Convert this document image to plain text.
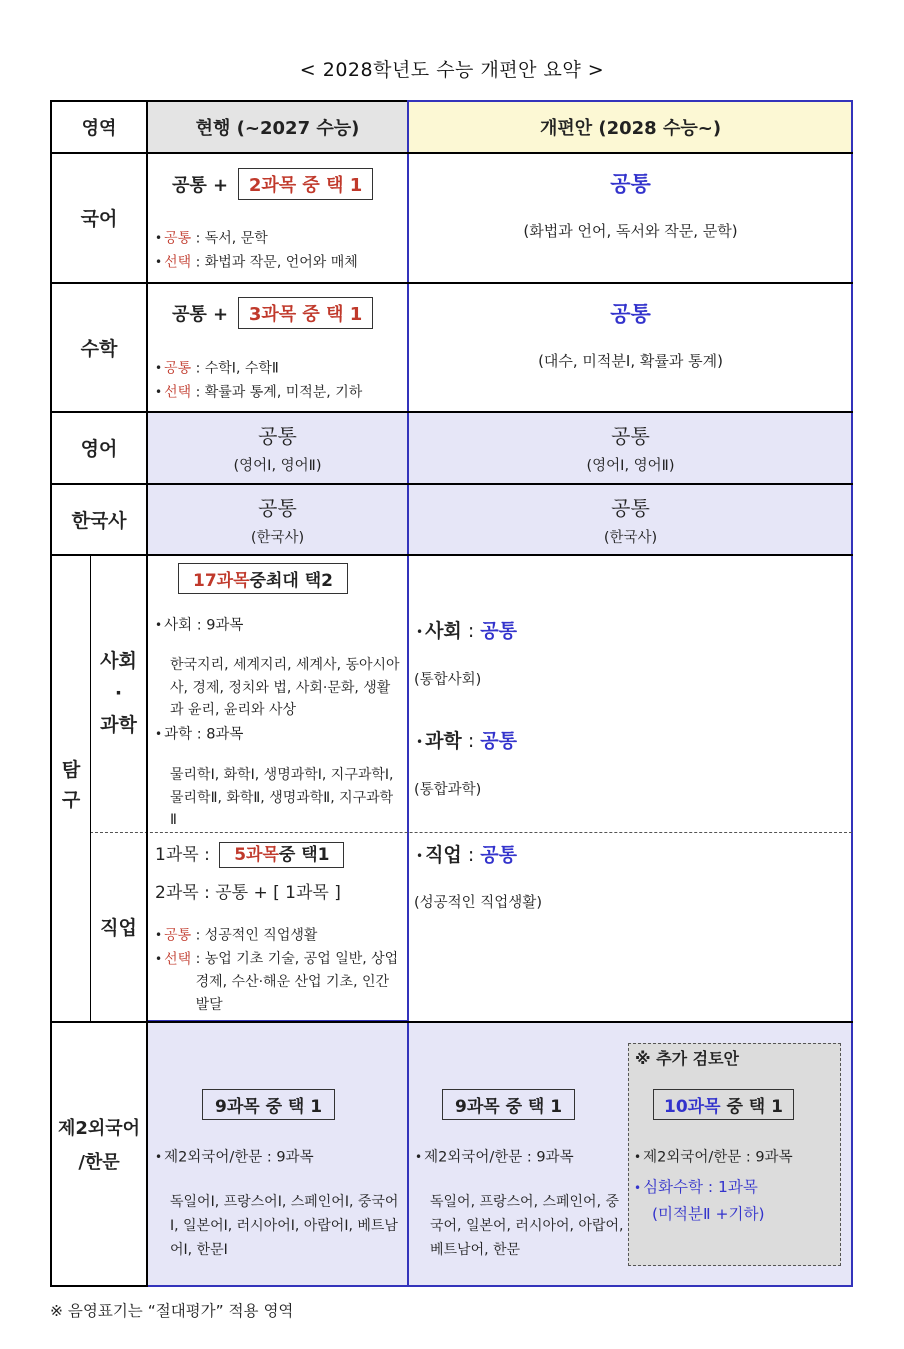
< 2028학년도 수능 개편안 요약 >
영역	현행 (~2027 수능)	개편안 (2028 수능~)
국어
공통 + 2과목 중 택 1
• 공통 : 독서, 문학
• 선택 : 화법과 작문, 언어와 매체
공통
(화법과 언어, 독서와 작문, 문학)
수학
공통 + 3과목 중 택 1
• 공통 : 수학Ⅰ, 수학Ⅱ
• 선택 : 확률과 통계, 미적분, 기하
공통
(대수, 미적분Ⅰ, 확률과 통계)
영어
공통
(영어Ⅰ, 영어Ⅱ)
공통
(영어Ⅰ, 영어Ⅱ)
한국사
공통
(한국사)
공통
(한국사)
탐
구
사회
·
과학
17과목중최대 택2
• 사회 : 9과목
한국지리, 세계지리, 세계사, 동아시아사, 경제, 정치와 법, 사회·문화, 생활과 윤리, 윤리와 사상
• 과학 : 8과목
물리학Ⅰ, 화학Ⅰ, 생명과학Ⅰ, 지구과학Ⅰ, 물리학Ⅱ, 화학Ⅱ, 생명과학Ⅱ, 지구과학Ⅱ
• 사회 : 공통
(통합사회)
• 과학 : 공통
(통합과학)
직업
1과목 : 5과목중 택1
2과목 : 공통 + [ 1과목 ]
• 공통 : 성공적인 직업생활
• 선택 : 농업 기초 기술, 공업 일반, 상업 경제, 수산·해운 산업 기초, 인간 발달
• 직업 : 공통
(성공적인 직업생활)
제2외국어
/한문
9과목 중 택 1
• 제2외국어/한문 : 9과목
독일어Ⅰ, 프랑스어Ⅰ, 스페인어Ⅰ, 중국어Ⅰ, 일본어Ⅰ, 러시아어Ⅰ, 아랍어Ⅰ, 베트남어Ⅰ, 한문Ⅰ
9과목 중 택 1
• 제2외국어/한문 : 9과목
독일어, 프랑스어, 스페인어, 중국어, 일본어, 러시아어, 아랍어, 베트남어, 한문
※ 추가 검토안
10과목 중 택 1
• 제2외국어/한문 : 9과목
• 심화수학 : 1과목
(미적분Ⅱ +기하)
※ 음영표기는 “절대평가” 적용 영역
